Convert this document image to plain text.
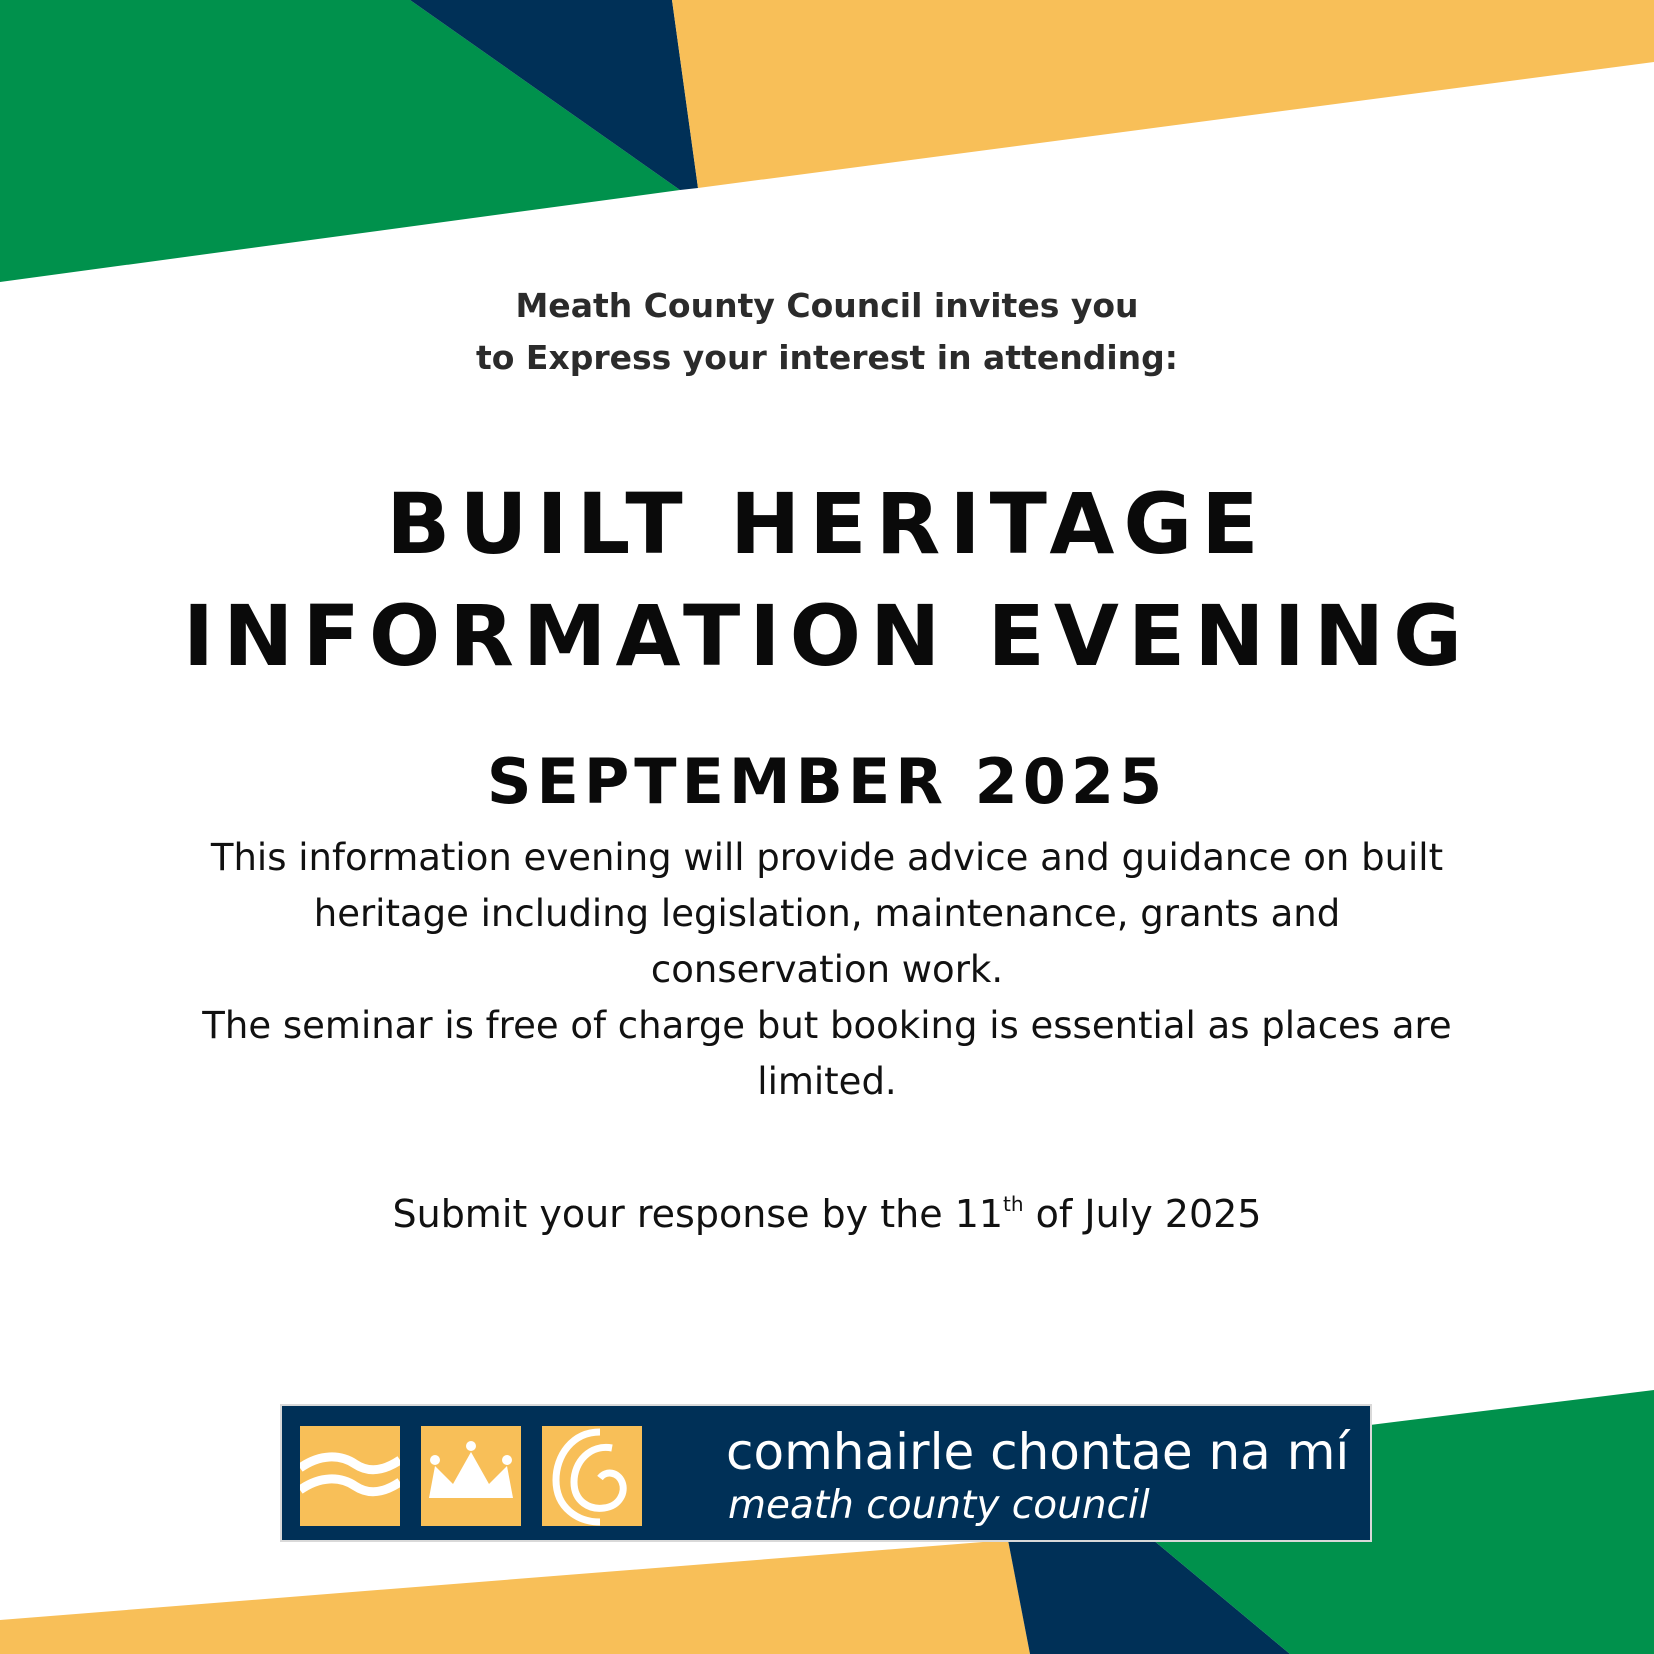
Meath County Council invites you
to Express your interest in attending:
BUILT HERITAGE
INFORMATION EVENING
SEPTEMBER 2025

This information evening will provide advice and guidance on built heritage including legislation, maintenance, grants and conservation work.

The seminar is free of charge but booking is essential as places are limited.

Submit your response by the 11th of July 2025
comhairle chontae na mí
meath county council
